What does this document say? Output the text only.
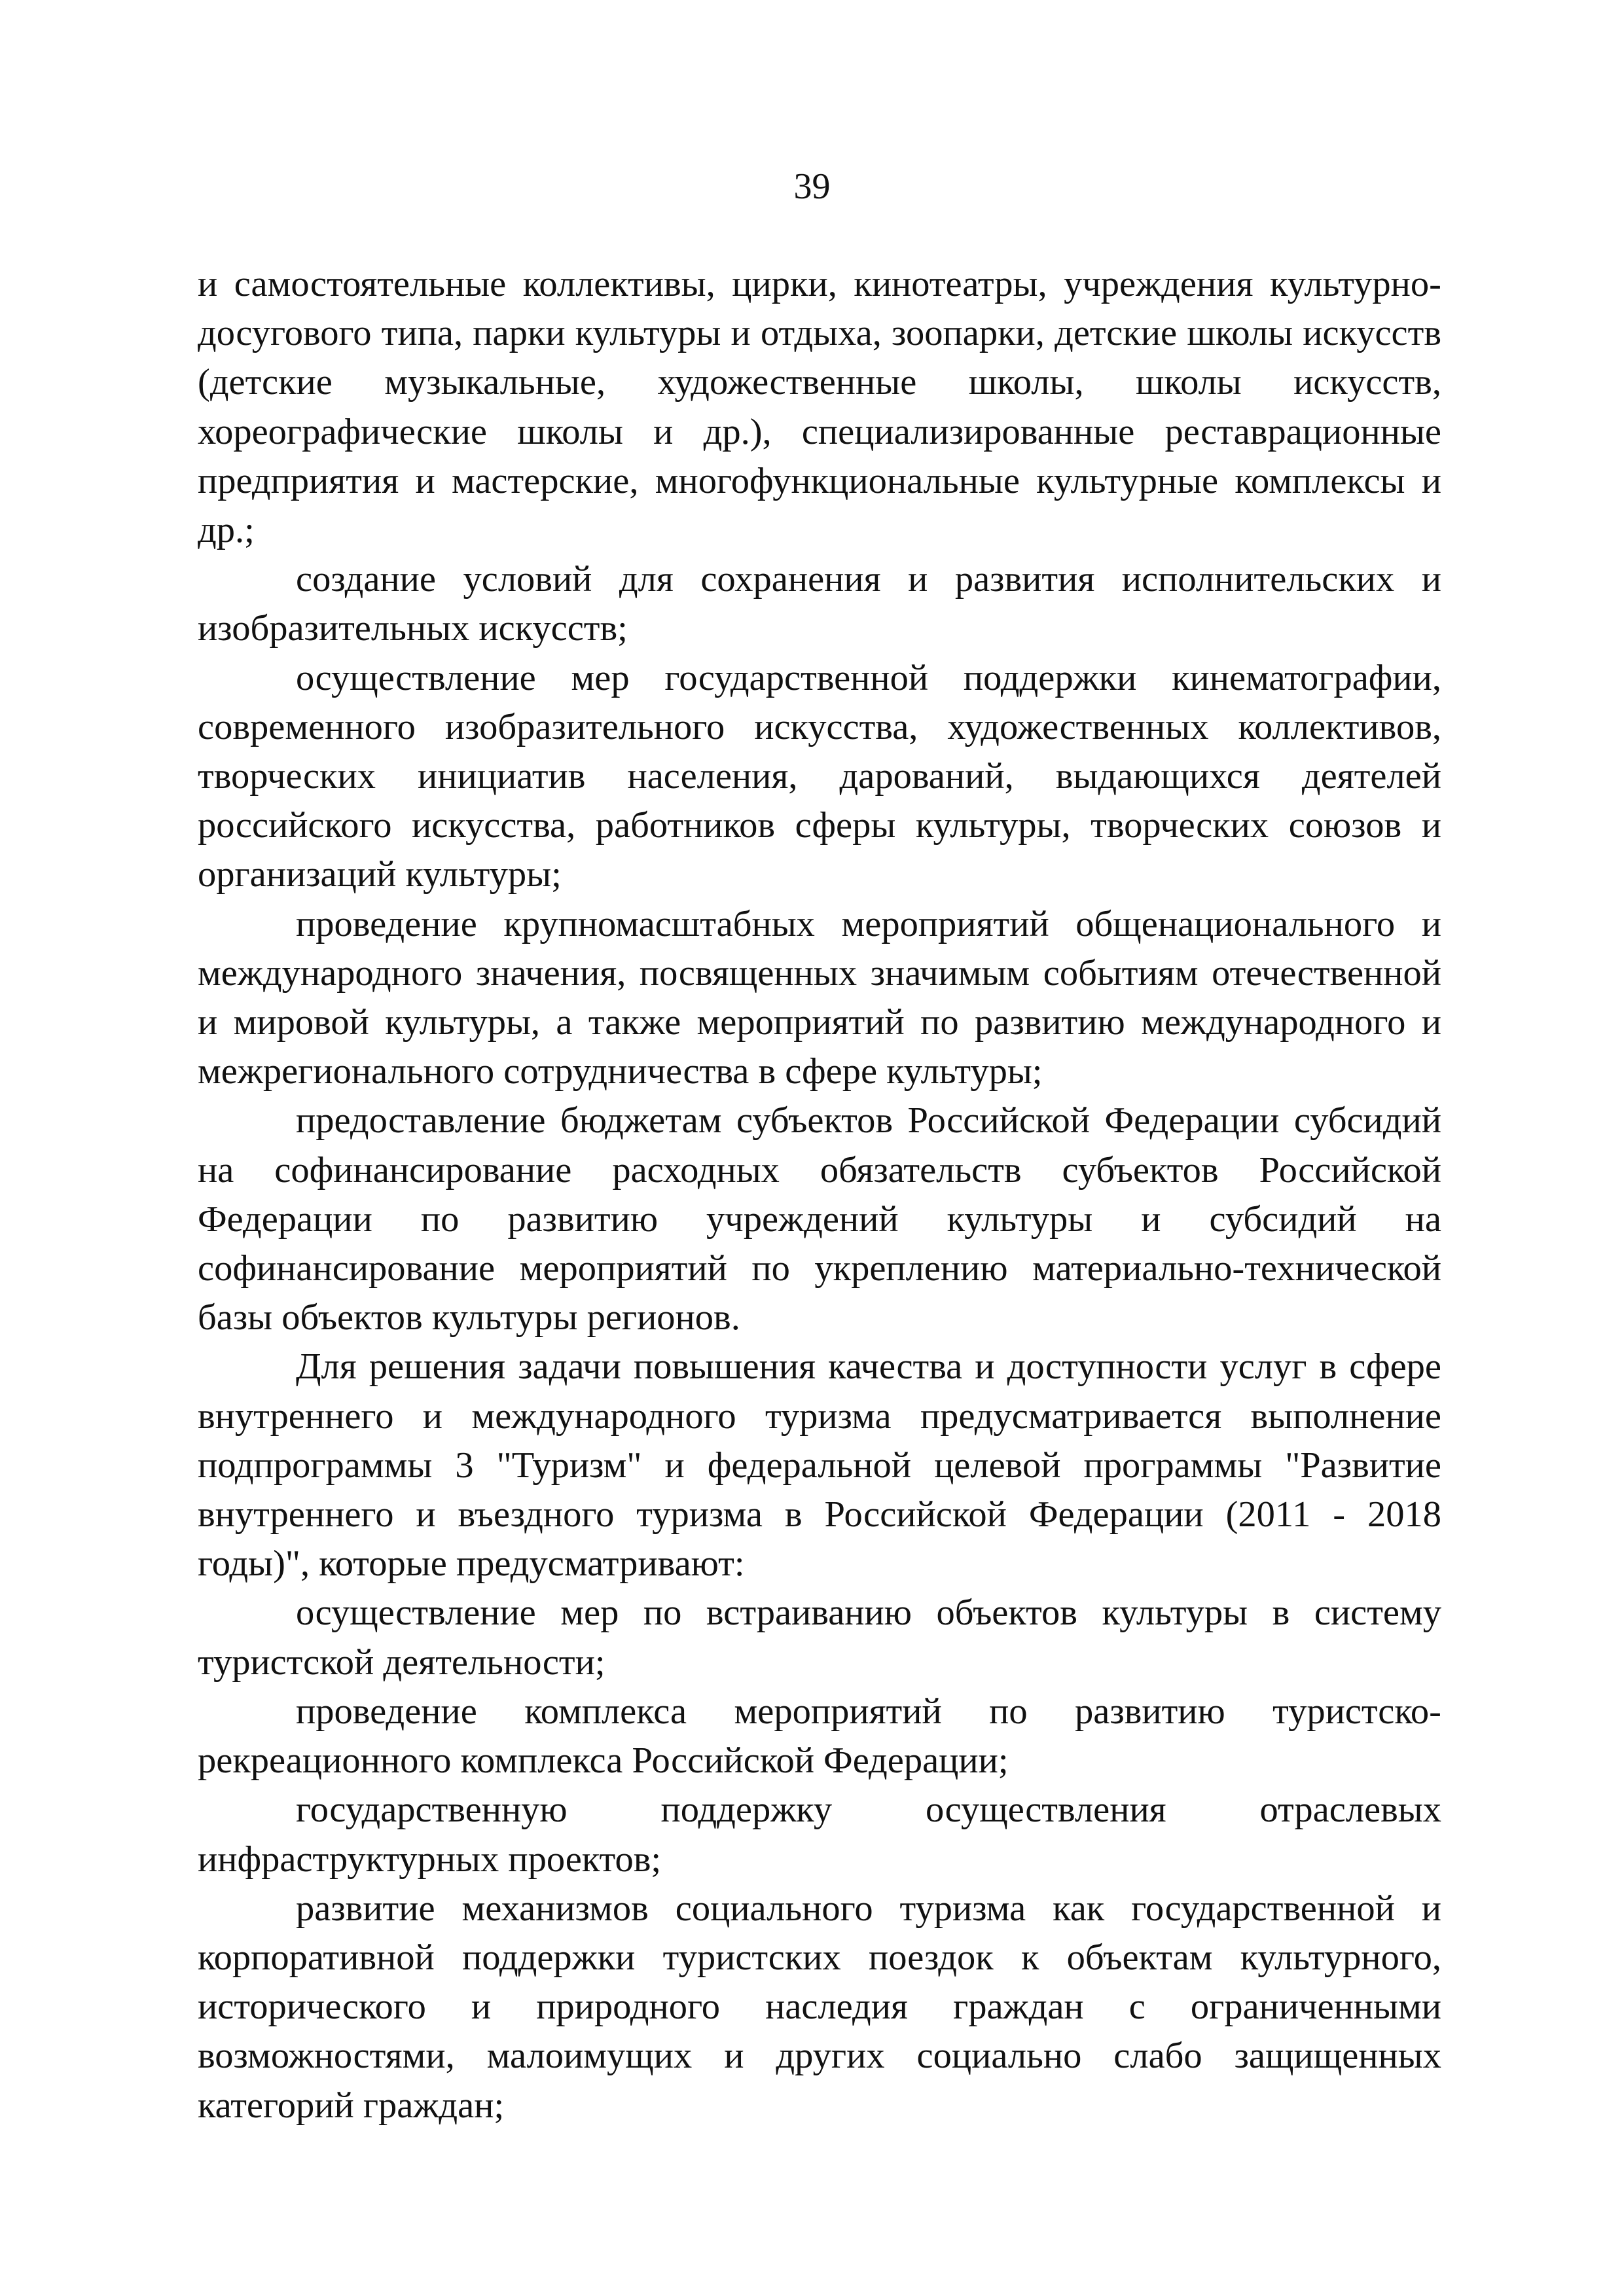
39

и самостоятельные коллективы, цирки, кинотеатры, учреждения культурно-досугового типа, парки культуры и отдыха, зоопарки, детские школы искусств (детские музыкальные, художественные школы, школы искусств, хореографические школы и др.), специализированные реставрационные предприятия и мастерские, многофункциональные культурные комплексы и др.;

создание условий для сохранения и развития исполнительских и изобразительных искусств;

осуществление мер государственной поддержки кинематографии, современного изобразительного искусства, художественных коллективов, творческих инициатив населения, дарований, выдающихся деятелей российского искусства, работников сферы культуры, творческих союзов и организаций культуры;

проведение крупномасштабных мероприятий общенационального и международного значения, посвященных значимым событиям отечественной и мировой культуры, а также мероприятий по развитию международного и межрегионального сотрудничества в сфере культуры;

предоставление бюджетам субъектов Российской Федерации субсидий на софинансирование расходных обязательств субъектов Российской Федерации по развитию учреждений культуры и субсидий на софинансирование мероприятий по укреплению материально-технической базы объектов культуры регионов.

Для решения задачи повышения качества и доступности услуг в сфере внутреннего и международного туризма предусматривается выполнение подпрограммы 3 "Туризм" и федеральной целевой программы "Развитие внутреннего и въездного туризма в Российской Федерации (2011 - 2018 годы)", которые предусматривают:

осуществление мер по встраиванию объектов культуры в систему туристской деятельности;

проведение комплекса мероприятий по развитию туристско-рекреационного комплекса Российской Федерации;

государственную поддержку осуществления отраслевых инфраструктурных проектов;

развитие механизмов социального туризма как государственной и корпоративной поддержки туристских поездок к объектам культурного, исторического и природного наследия граждан с ограниченными возможностями, малоимущих и других социально слабо защищенных категорий граждан;
